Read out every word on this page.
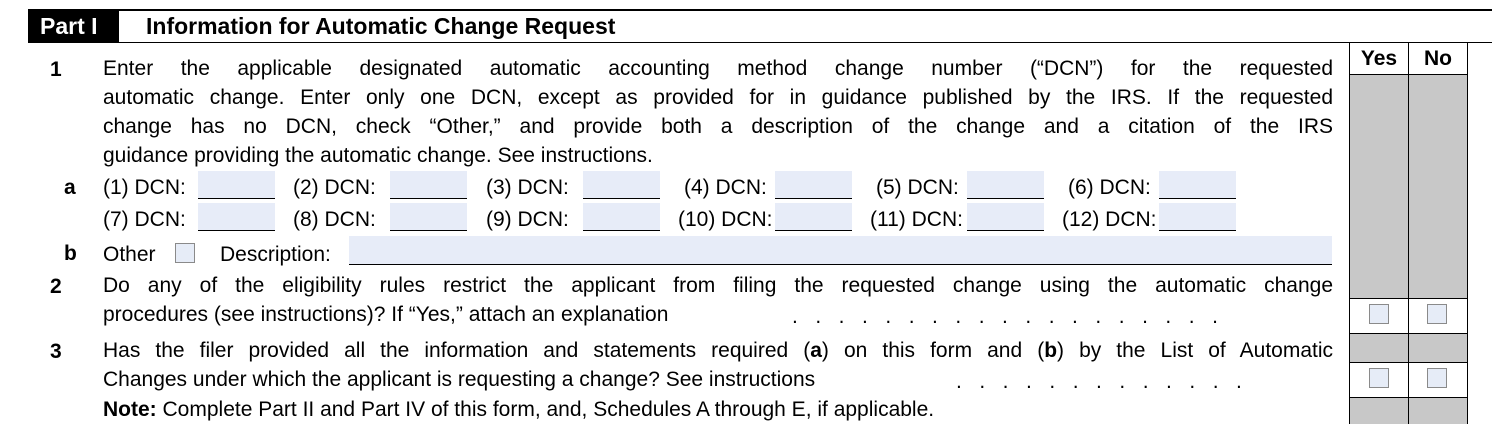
Part I	Information for Automatic Change Request
Yes	No
1 Enter the applicable designated automatic accounting method change number (“DCN”) for the requested
automatic change. Enter only one DCN, except as provided for in guidance published by the IRS. If the requested
change has no DCN, check “Other,” and provide both a description of the change and a citation of the IRS
guidance providing the automatic change. See instructions.
a (1) DCN:	(2) DCN:	(3) DCN:	(4) DCN:	(5) DCN:	(6) DCN:
(7) DCN:	(8) DCN:	(9) DCN:	(10) DCN:	(11) DCN:	(12) DCN:
b Other	Description:
2 Do any of the eligibility rules restrict the applicant from filing the requested change using the automatic change
procedures (see instructions)? If “Yes,” attach an explanation	.   .   .   .   .   .   .   .   .   .   .   .   .   .   .   .   .   .   .
3 Has the filer provided all the information and statements required (a) on this form and (b) by the List of Automatic
Changes under which the applicant is requesting a change? See instructions	.   .   .   .   .   .   .   .   .   .   .   .   .
Note: Complete Part II and Part IV of this form, and, Schedules A through E, if applicable.
